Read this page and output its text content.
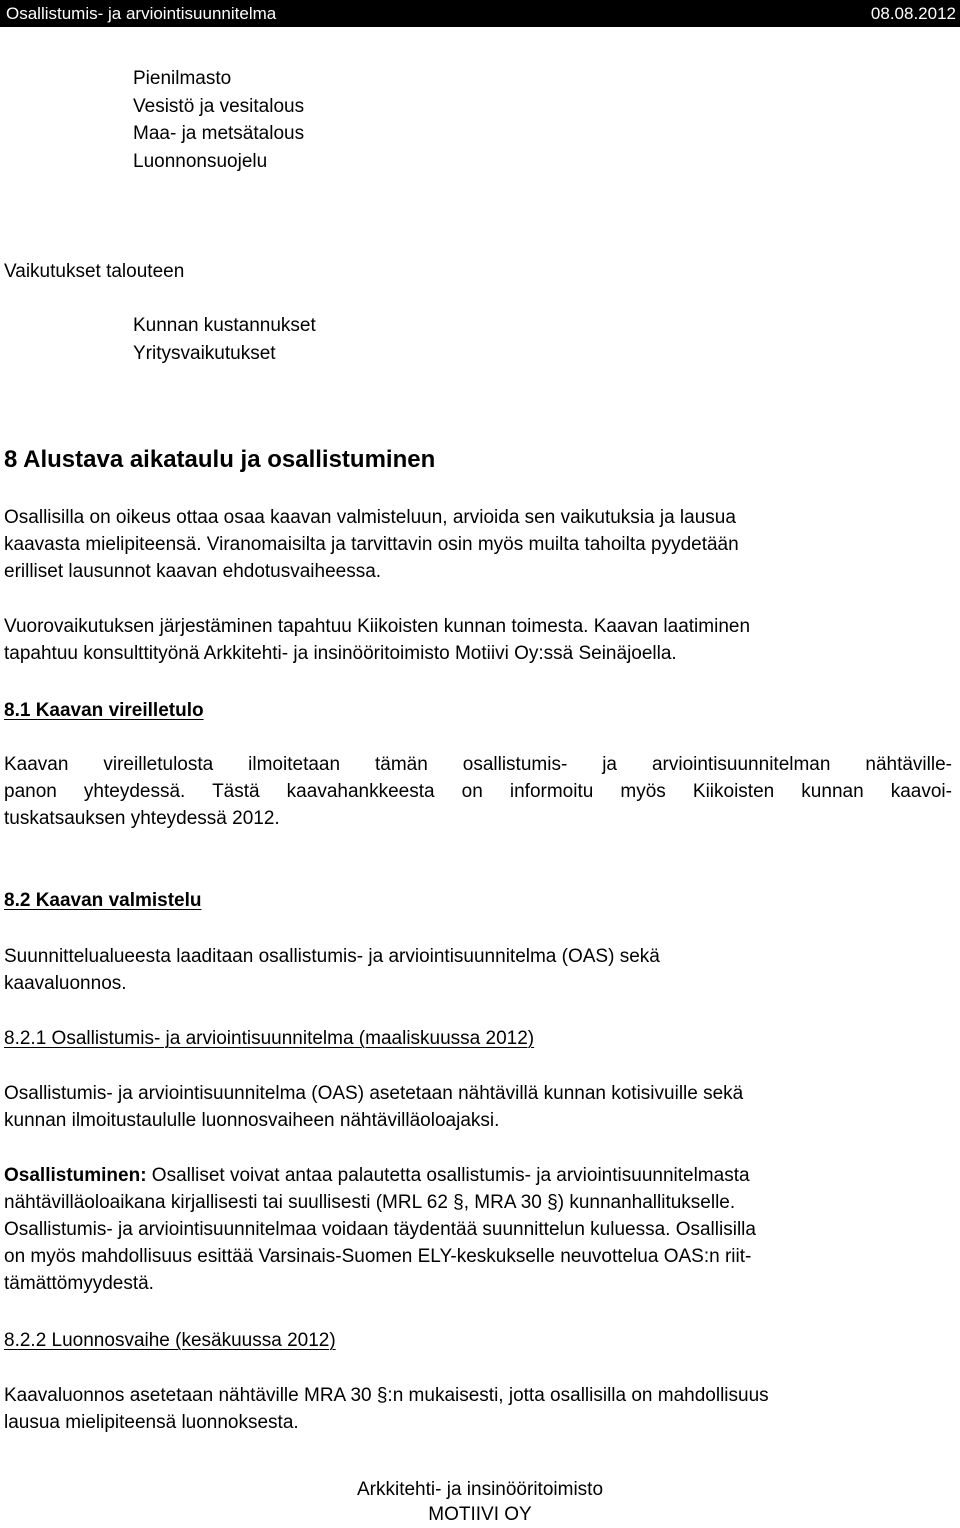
Osallistumis- ja arviointisuunnitelma	08.08.2012
Pienilmasto
Vesistö ja vesitalous
Maa- ja metsätalous
Luonnonsuojelu
Vaikutukset talouteen
Kunnan kustannukset
Yritysvaikutukset
8 Alustava aikataulu ja osallistuminen
Osallisilla on oikeus ottaa osaa kaavan valmisteluun, arvioida sen vaikutuksia ja lausua
kaavasta mielipiteensä. Viranomaisilta ja tarvittavin osin myös muilta tahoilta pyydetään
erilliset lausunnot kaavan ehdotusvaiheessa.
Vuorovaikutuksen järjestäminen tapahtuu Kiikoisten kunnan toimesta. Kaavan laatiminen
tapahtuu konsulttityönä Arkkitehti- ja insinööritoimisto Motiivi Oy:ssä Seinäjoella.
8.1 Kaavan vireilletulo
Kaavan vireilletulosta ilmoitetaan tämän osallistumis- ja arviointisuunnitelman nähtäville-
panon yhteydessä. Tästä kaavahankkeesta on informoitu myös Kiikoisten kunnan kaavoi-
tuskatsauksen yhteydessä 2012.
8.2 Kaavan valmistelu
Suunnittelualueesta laaditaan osallistumis- ja arviointisuunnitelma (OAS) sekä
kaavaluonnos.
8.2.1 Osallistumis- ja arviointisuunnitelma (maaliskuussa 2012)
Osallistumis- ja arviointisuunnitelma (OAS) asetetaan nähtävillä kunnan kotisivuille sekä
kunnan ilmoitustaululle luonnosvaiheen nähtävilläoloajaksi.
Osallistuminen: Osalliset voivat antaa palautetta osallistumis- ja arviointisuunnitelmasta
nähtävilläoloaikana kirjallisesti tai suullisesti (MRL 62 §, MRA 30 §) kunnanhallitukselle.
Osallistumis- ja arviointisuunnitelmaa voidaan täydentää suunnittelun kuluessa. Osallisilla
on myös mahdollisuus esittää Varsinais-Suomen ELY-keskukselle neuvottelua OAS:n riit-
tämättömyydestä.
8.2.2 Luonnosvaihe (kesäkuussa 2012)
Kaavaluonnos asetetaan nähtäville MRA 30 §:n mukaisesti, jotta osallisilla on mahdollisuus
lausua mielipiteensä luonnoksesta.
Arkkitehti- ja insinööritoimisto
MOTIIVI OY
